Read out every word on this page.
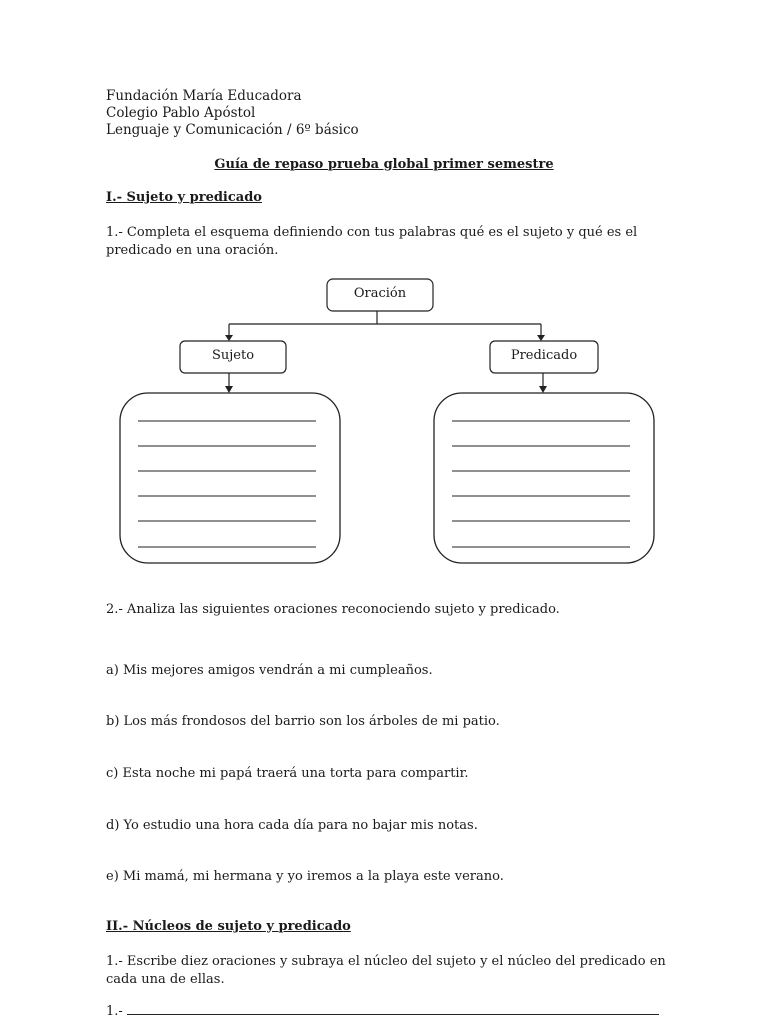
Fundación María Educadora
Colegio Pablo Apóstol
Lenguaje y Comunicación / 6º básico
Guía de repaso prueba global primer semestre
I.- Sujeto y predicado
1.- Completa el esquema definiendo con tus palabras qué es el sujeto y qué es el predicado en una oración.
Oración
Sujeto	Predicado
2.- Analiza las siguientes oraciones reconociendo sujeto y predicado.
a) Mis mejores amigos vendrán a mi cumpleaños.
b) Los más frondosos del barrio son los árboles de mi patio.
c) Esta noche mi papá traerá una torta para compartir.
d) Yo estudio una hora cada día para no bajar mis notas.
e) Mi mamá, mi hermana y yo iremos a la playa este verano.
II.- Núcleos de sujeto y predicado
1.- Escribe diez oraciones y subraya el núcleo del sujeto y el núcleo del predicado en cada una de ellas.
1.-
